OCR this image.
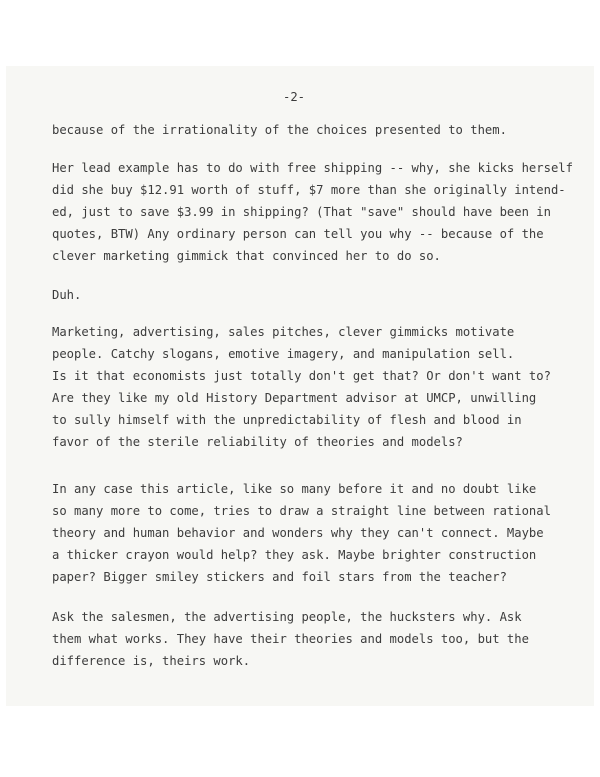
-2-
because of the irrationality of the choices presented to them.
Her lead example has to do with free shipping -- why, she kicks herself
did she buy $12.91 worth of stuff, $7 more than she originally intend-
ed, just to save $3.99 in shipping? (That "save" should have been in
quotes, BTW) Any ordinary person can tell you why -- because of the
clever marketing gimmick that convinced her to do so.
Duh.
Marketing, advertising, sales pitches, clever gimmicks motivate
people. Catchy slogans, emotive imagery, and manipulation sell.
Is it that economists just totally don't get that? Or don't want to?
Are they like my old History Department advisor at UMCP, unwilling
to sully himself with the unpredictability of flesh and blood in
favor of the sterile reliability of theories and models?
In any case this article, like so many before it and no doubt like
so many more to come, tries to draw a straight line between rational
theory and human behavior and wonders why they can't connect. Maybe
a thicker crayon would help? they ask. Maybe brighter construction
paper? Bigger smiley stickers and foil stars from the teacher?
Ask the salesmen, the advertising people, the hucksters why. Ask
them what works. They have their theories and models too, but the
difference is, theirs work.
